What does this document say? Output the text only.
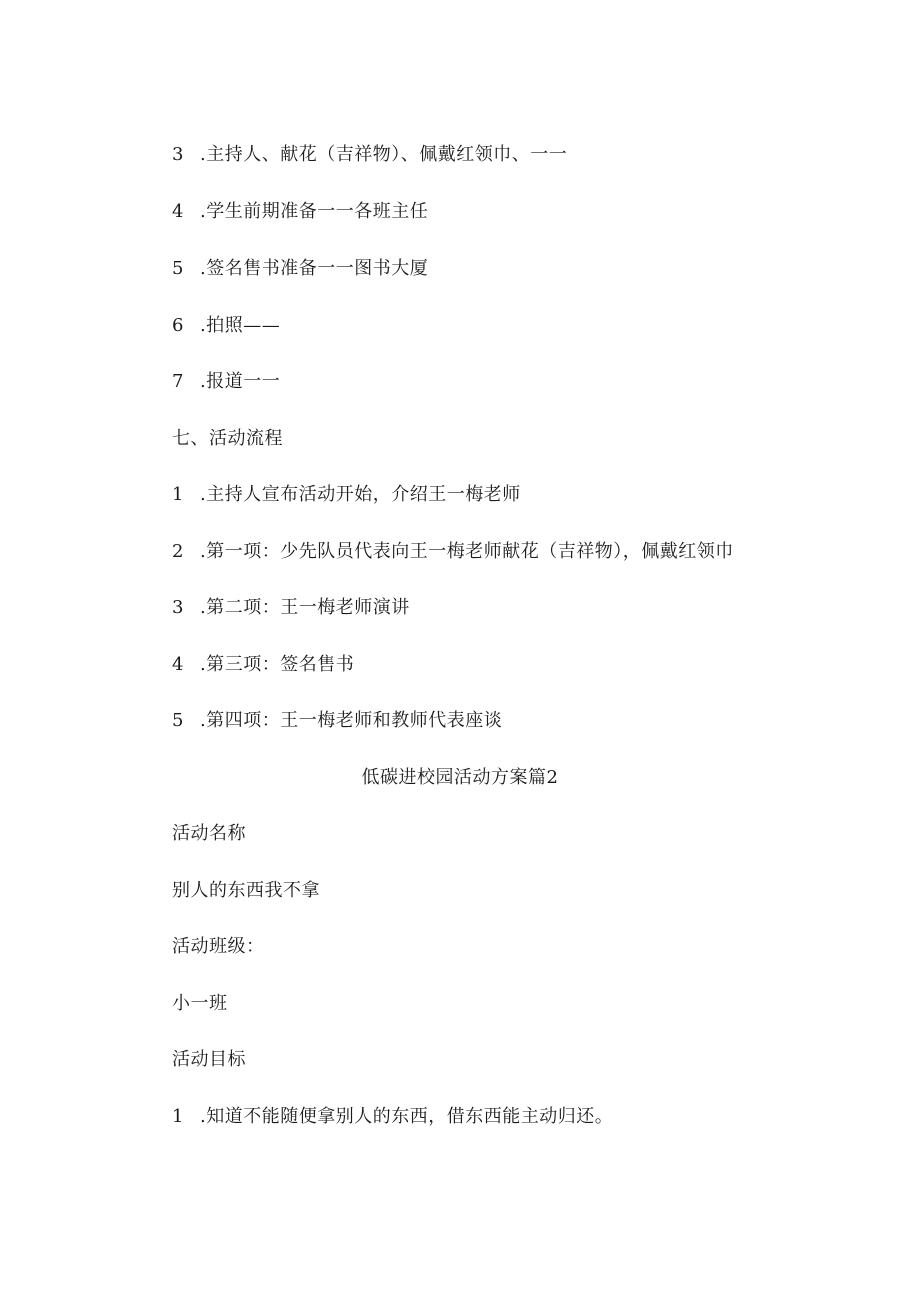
3 .主持人、献花（吉祥物）、佩戴红领巾、一一
4 .学生前期准备一一各班主任
5 .签名售书准备一一图书大厦
6 .拍照——
7 .报道一一
七、活动流程
1 .主持人宣布活动开始，介绍王一梅老师
2 .第一项：少先队员代表向王一梅老师献花（吉祥物），佩戴红领巾
3 .第二项：王一梅老师演讲
4 .第三项：签名售书
5 .第四项：王一梅老师和教师代表座谈
低碳进校园活动方案篇2
活动名称
别人的东西我不拿
活动班级：
小一班
活动目标
1 .知道不能随便拿别人的东西，借东西能主动归还。
